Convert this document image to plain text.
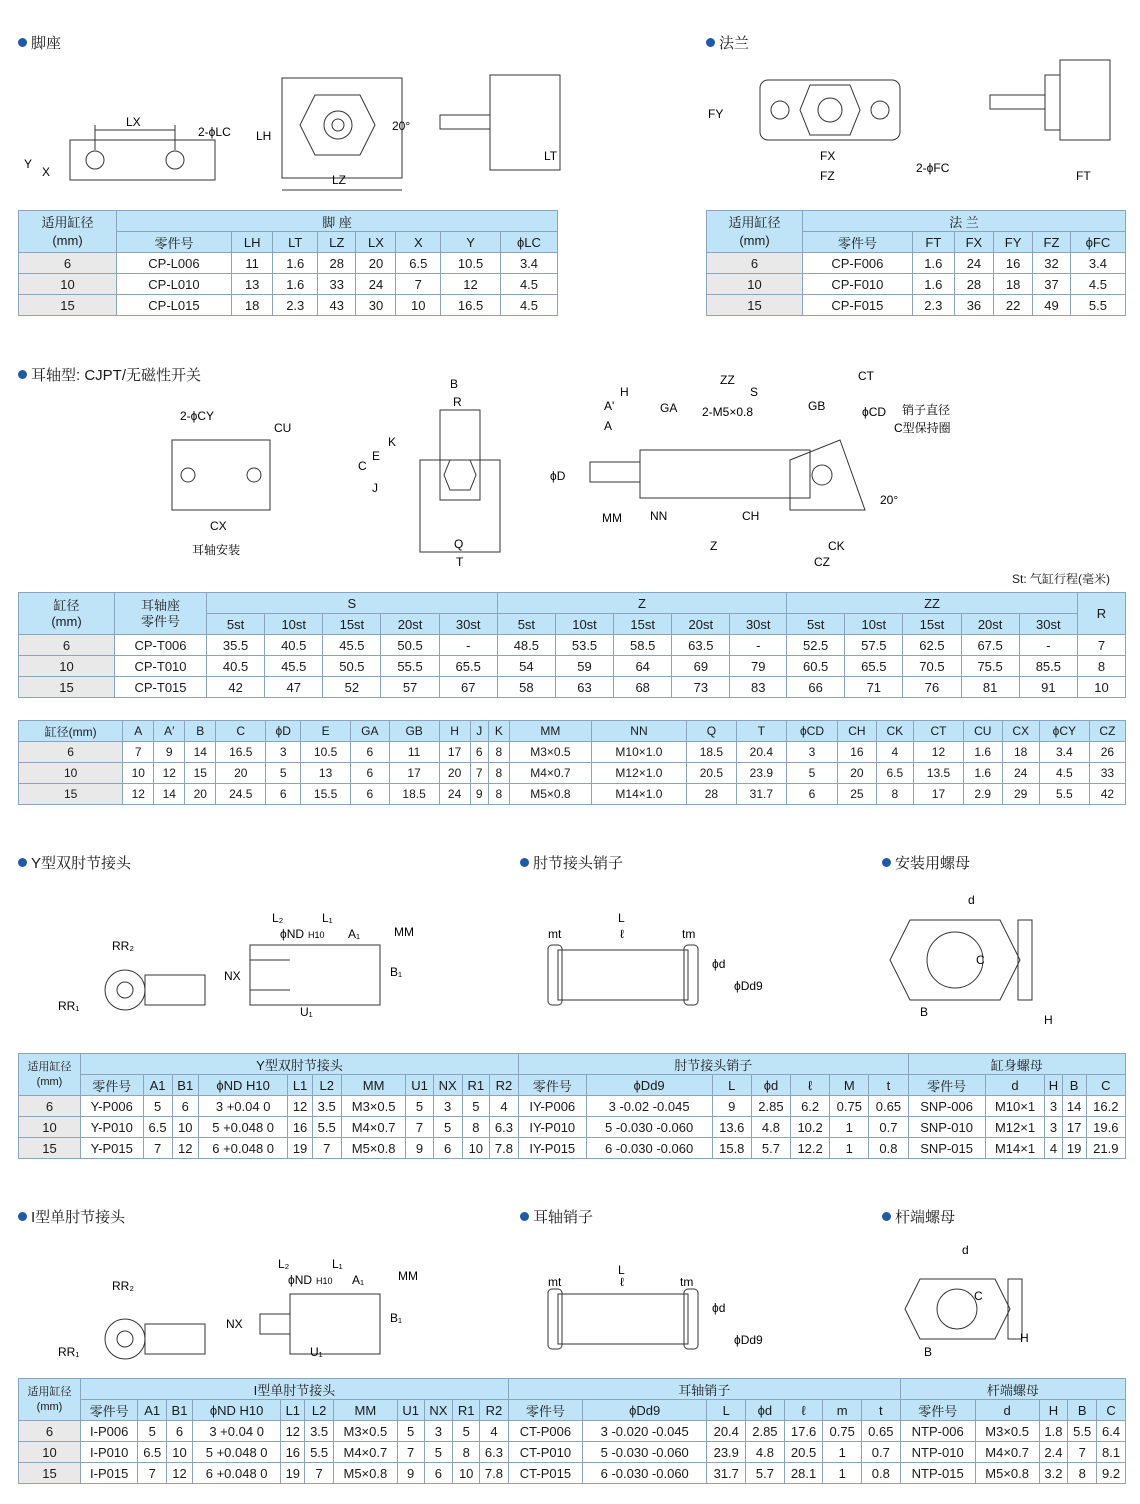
脚座	法兰
耳轴型: CJPT/无磁性开关
Y型双肘节接头	肘节接头销子	安装用螺母
I型单肘节接头	耳轴销子	杆端螺母
LX
2-ϕLC
Y
X
LZ
LH
20°
LT
FY
FX
FZ
2-ϕFC
FT
适用缸径
(mm)	脚 座							
	零件号	LH	LT	LZ	LX	X	Y	ϕLC
6	CP-L006	11	1.6	28	20	6.5	10.5	3.4
10	CP-L010	13	1.6	33	24	7	12	4.5
15	CP-L015	18	2.3	43	30	10	16.5	4.5
适用缸径
(mm)	法 兰					
	零件号	FT	FX	FY	FZ	ϕFC
6	CP-F006	1.6	24	16	32	3.4
10	CP-F010	1.6	28	18	37	4.5
15	CP-F015	2.3	36	22	49	5.5
2-ϕCY
CU
CX
耳轴安装
B
R
K
C
E
J
Q
T
ZZ	CT
H	S
A'	GA 2-M5×0.8	GB	ϕCD 销子直径
C型保持圈
A
ϕD
MM NN	CH
20°
Z	CK
CZ
St: 气缸行程(毫米)
缸径
(mm)	耳轴座
零件号	S					Z					ZZ					R
		5st	10st	15st	20st	30st	5st	10st	15st	20st	30st	5st	10st	15st	20st	30st	
6	CP-T006	35.5	40.5	45.5	50.5	-	48.5	53.5	58.5	63.5	-	52.5	57.5	62.5	67.5	-	7
10	CP-T010	40.5	45.5	50.5	55.5	65.5	54	59	64	69	79	60.5	65.5	70.5	75.5	85.5	8
15	CP-T015	42	47	52	57	67	58	63	68	73	83	66	71	76	81	91	10
缸径(mm)	A	A′	B	C	ϕD	E	GA	GB	H	J	K	MM	NN	Q	T	ϕCD	CH	CK	CT	CU	CX	ϕCY	CZ
6	7	9	14	16.5	3	10.5	6	11	17	6	8	M3×0.5	M10×1.0	18.5	20.4	3	16	4	12	1.6	18	3.4	26
10	10	12	15	20	5	13	6	17	20	7	8	M4×0.7	M12×1.0	20.5	23.9	5	20	6.5	13.5	1.6	24	4.5	33
15	12	14	20	24.5	6	15.5	6	18.5	24	9	8	M5×0.8	M14×1.0	28	31.7	6	25	8	17	2.9	29	5.5	42
RR₂
RR₁
L₂	L₁
ϕND H10 A₁	MM
NX
U₁
B₁
L
mt	ℓ	tm
ϕd
ϕDd9
d
C
B
H
适用缸径
(mm)	Y型双肘节接头											肘节接头销子							缸身螺母				
	零件号	A1	B1	ϕND H10	L1	L2	MM	U1	NX	R1	R2	零件号	ϕDd9	L	ϕd	ℓ	M	t	零件号	d	H	B	C
6	Y-P006	5	6	3 +0.04 0	12	3.5	M3×0.5	5	3	5	4	IY-P006	3 -0.02 -0.045	9	2.85	6.2	0.75	0.65	SNP-006	M10×1	3	14	16.2
10	Y-P010	6.5	10	5 +0.048 0	16	5.5	M4×0.7	7	5	8	6.3	IY-P010	5 -0.030 -0.060	13.6	4.8	10.2	1	0.7	SNP-010	M12×1	3	17	19.6
15	Y-P015	7	12	6 +0.048 0	19	7	M5×0.8	9	6	10	7.8	IY-P015	6 -0.030 -0.060	15.8	5.7	12.2	1	0.8	SNP-015	M14×1	4	19	21.9
RR₂
RR₁
L₂	L₁
ϕND H10 A₁	MM
NX
U₁
B₁
L
mt	ℓ	tm
ϕd
ϕDd9
d
C
B
H
适用缸径
(mm)	I型单肘节接头											耳轴销子							杆端螺母				
	零件号	A1	B1	ϕND H10	L1	L2	MM	U1	NX	R1	R2	零件号	ϕDd9	L	ϕd	ℓ	m	t	零件号	d	H	B	C
6	I-P006	5	6	3 +0.04 0	12	3.5	M3×0.5	5	3	5	4	CT-P006	3 -0.020 -0.045	20.4	2.85	17.6	0.75	0.65	NTP-006	M3×0.5	1.8	5.5	6.4
10	I-P010	6.5	10	5 +0.048 0	16	5.5	M4×0.7	7	5	8	6.3	CT-P010	5 -0.030 -0.060	23.9	4.8	20.5	1	0.7	NTP-010	M4×0.7	2.4	7	8.1
15	I-P015	7	12	6 +0.048 0	19	7	M5×0.8	9	6	10	7.8	CT-P015	6 -0.030 -0.060	31.7	5.7	28.1	1	0.8	NTP-015	M5×0.8	3.2	8	9.2
